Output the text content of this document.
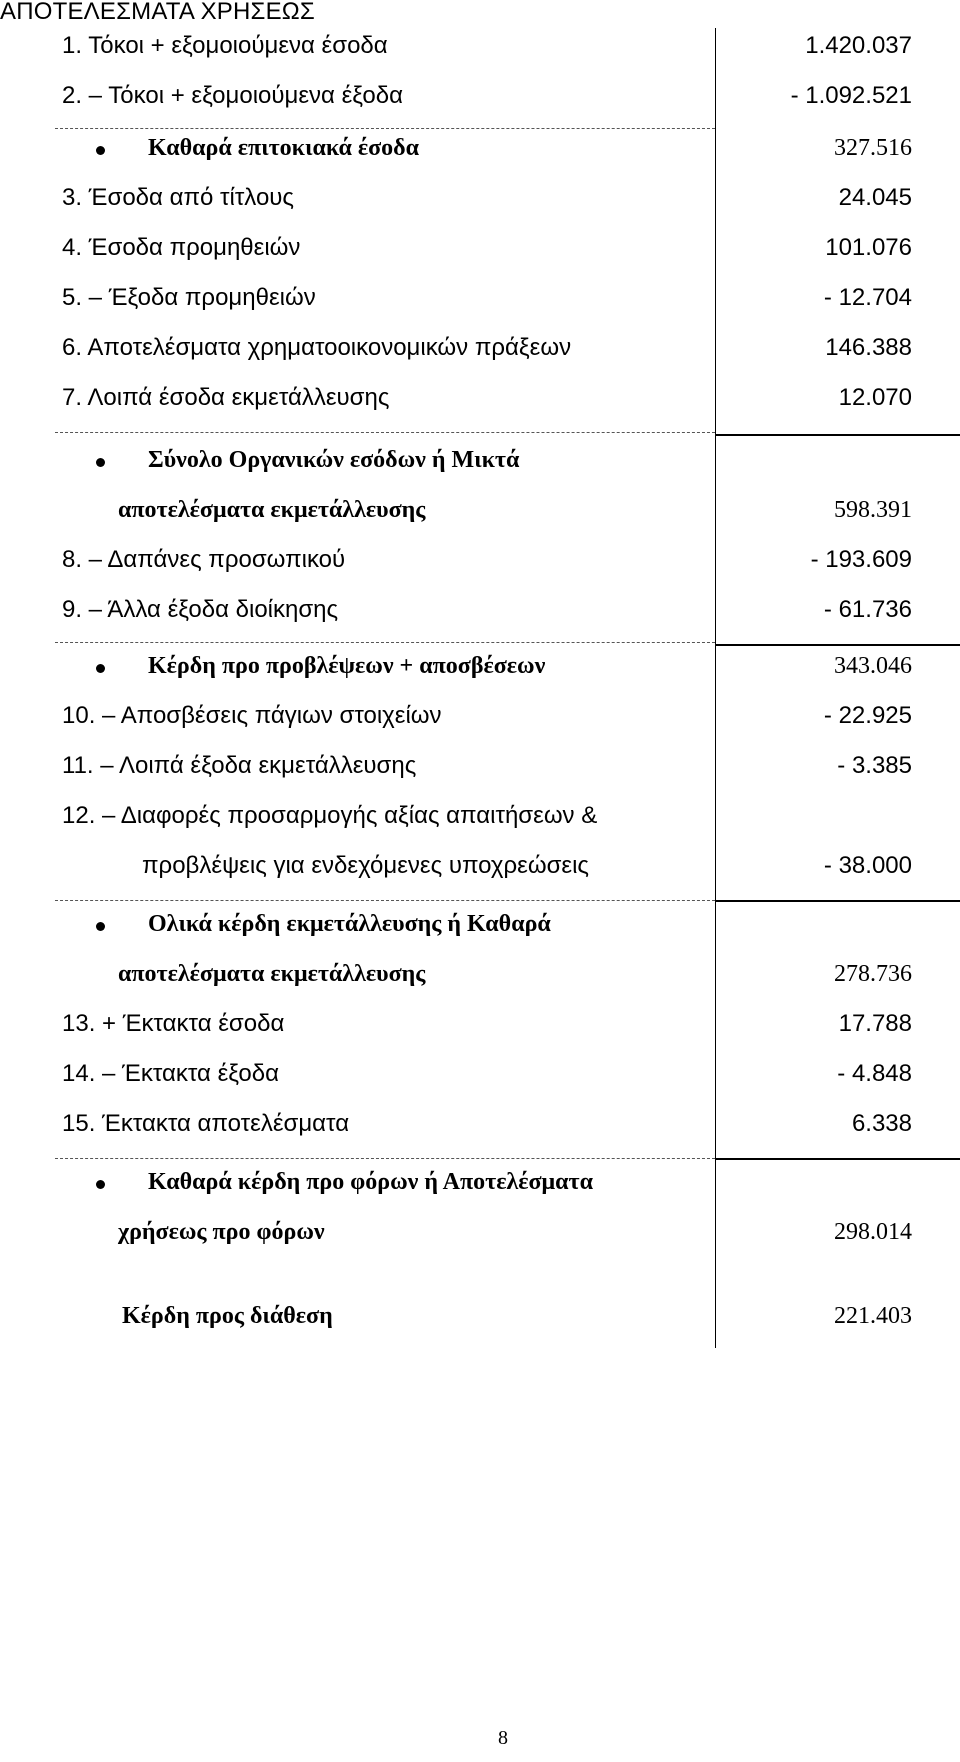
ΑΠΟΤΕΛΕΣΜΑΤΑ ΧΡΗΣΕΩΣ
1. Τόκοι + εξομοιούμενα έσοδα	1.420.037
2. – Τόκοι + εξομοιούμενα έξοδα	- 1.092.521
Καθαρά επιτοκιακά έσοδα	327.516
3. Έσοδα από τίτλους	24.045
4. Έσοδα προμηθειών	101.076
5. – Έξοδα προμηθειών	- 12.704
6. Αποτελέσματα χρηματοοικονομικών πράξεων	146.388
7. Λοιπά έσοδα εκμετάλλευσης	12.070
Σύνολο Οργανικών εσόδων ή Μικτά
αποτελέσματα εκμετάλλευσης	598.391
8. – Δαπάνες προσωπικού	- 193.609
9. – Άλλα έξοδα διοίκησης	- 61.736
Κέρδη προ προβλέψεων + αποσβέσεων	343.046
10. – Αποσβέσεις πάγιων στοιχείων	- 22.925
11. – Λοιπά έξοδα εκμετάλλευσης	- 3.385
12. – Διαφορές προσαρμογής αξίας απαιτήσεων &
προβλέψεις για ενδεχόμενες υποχρεώσεις	- 38.000
Ολικά κέρδη εκμετάλλευσης ή Καθαρά
αποτελέσματα εκμετάλλευσης	278.736
13. + Έκτακτα έσοδα	17.788
14. – Έκτακτα έξοδα	- 4.848
15. Έκτακτα αποτελέσματα	6.338
Καθαρά κέρδη προ φόρων ή Αποτελέσματα
χρήσεως προ φόρων	298.014
Κέρδη προς διάθεση	221.403
8
